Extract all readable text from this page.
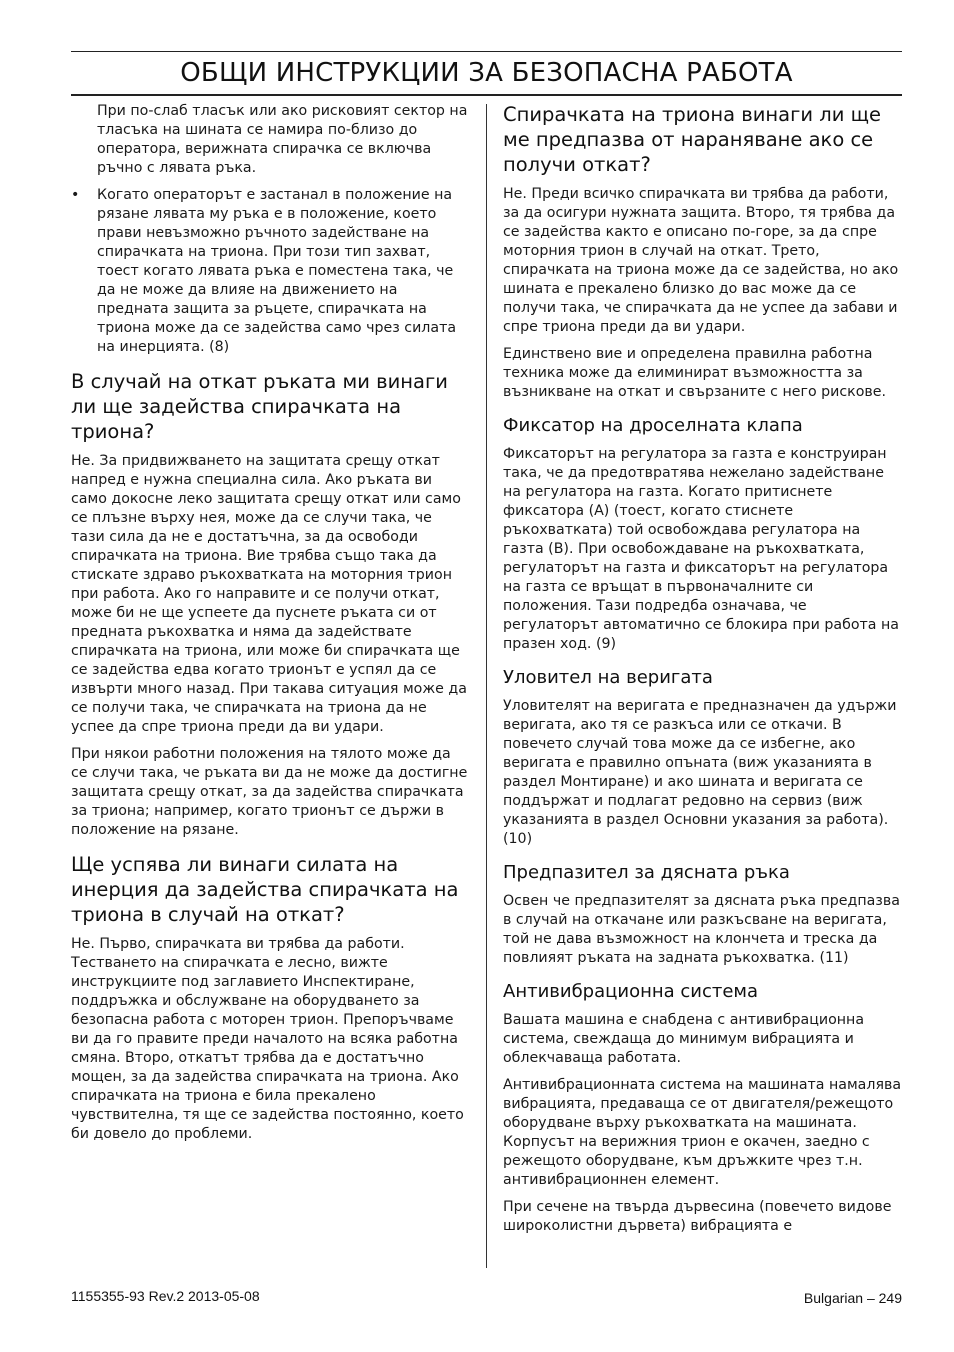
ОБЩИ ИНСТРУКЦИИ ЗА БЕЗОПАСНА РАБОТА

При по-слаб тласък или ако рисковият сектор на тласъка на шината се намира по-близо до оператора, верижната спирачка се включва ръчно с лявата ръка.

• Когато операторът е застанал в положение на рязане лявата му ръка е в положение, което прави невъзможно ръчното задействане на спирачката на триона. При този тип захват, тоест когато лявата ръка е поместена така, че да не може да влияе на движението на предната защита за ръцете, спирачката на триона може да се задейства само чрез силата на инерцията. (8)

В случай на откат ръката ми винаги ли ще задейства спирачката на триона?

Не. За придвижването на защитата срещу откат напред е нужна специална сила. Ако ръката ви само докосне леко защитата срещу откат или само се плъзне върху нея, може да се случи така, че тази сила да не е достатъчна, за да освободи спирачката на триона. Вие трябва също така да стискате здраво ръкохватката на моторния трион при работа. Ако го направите и се получи откат, може би не ще успеете да пуснете ръката си от предната ръкохватка и няма да задействате спирачката на триона, или може би спирачката ще се задейства едва когато трионът е успял да се извърти много назад. При такава ситуация може да се получи така, че спирачката на триона да не успее да спре триона преди да ви удари.

При някои работни положения на тялото може да се случи така, че ръката ви да не може да достигне защитата срещу откат, за да задейства спирачката за триона; например, когато трионът се държи в положение на рязане.

Ще успява ли винаги силата на инерция да задейства спирачката на триона в случай на откат?

Не. Първо, спирачката ви трябва да работи. Тестването на спирачката е лесно, вижте инструкциите под заглавието Инспектиране, поддръжка и обслужване на оборудването за безопасна работа с моторен трион. Препоръчваме ви да го правите преди началото на всяка работна смяна. Второ, откатът трябва да е достатъчно мощен, за да задейства спирачката на триона. Ако спирачката на триона е била прекалено чувствителна, тя ще се задейства постоянно, което би довело до проблеми.

Спирачката на триона винаги ли ще ме предпазва от нараняване ако се получи откат?

Не. Преди всичко спирачката ви трябва да работи, за да осигури нужната защита. Второ, тя трябва да се задейства както е описано по-горе, за да спре моторния трион в случай на откат. Трето, спирачката на триона може да се задейства, но ако шината е прекалено близко до вас може да се получи така, че спирачката да не успее да забави и спре триона преди да ви удари.

Единствено вие и определена правилна работна техника може да елиминират възможността за възникване на откат и свързаните с него рискове.

Фиксатор на дроселната клапа

Фиксаторът на регулатора за газта е конструиран така, че да предотвратява нежелано задействане на регулатора на газта. Когато притиснете фиксатора (A) (тоест, когато стиснете ръкохватката) той освобождава регулатора на газта (B). При освобождаване на ръкохватката, регулаторът на газта и фиксаторът на регулатора на газта се връщат в първоначалните си положения. Тази подредба означава, че регулаторът автоматично се блокира при работа на празен ход. (9)

Уловител на веригата

Уловителят на веригата е предназначен да удържи веригата, ако тя се разкъса или се откачи. В повечето случай това може да се избегне, ако веригата е правилно опъната (виж указанията в раздел Монтиране) и ако шината и веригата се поддържат и подлагат редовно на сервиз (виж указанията в раздел Основни указания за работа). (10)

Предпазител за дясната ръка

Освен че предпазителят за дясната ръка предпазва в случай на откачане или разкъсване на веригата, той не дава възможност на клончета и треска да повлияят ръката на задната ръкохватка. (11)

Антивибрационна система

Вашата машина е снабдена с антивибрационна система, свеждаща до минимум вибрацията и облекчаваща работата.

Антивибрационната система на машината намалява вибрацията, предаваща се от двигателя/режещото оборудване върху ръкохватката на машината. Корпусът на верижния трион е окачен, заедно с режещото оборудване, към дръжките чрез т.н. антивибрационнен елемент.

При сечене на твърда дървесина (повечето видове широколистни дървета) вибрацията е

1155355-93 Rev.2 2013-05-08	Bulgarian – 249
